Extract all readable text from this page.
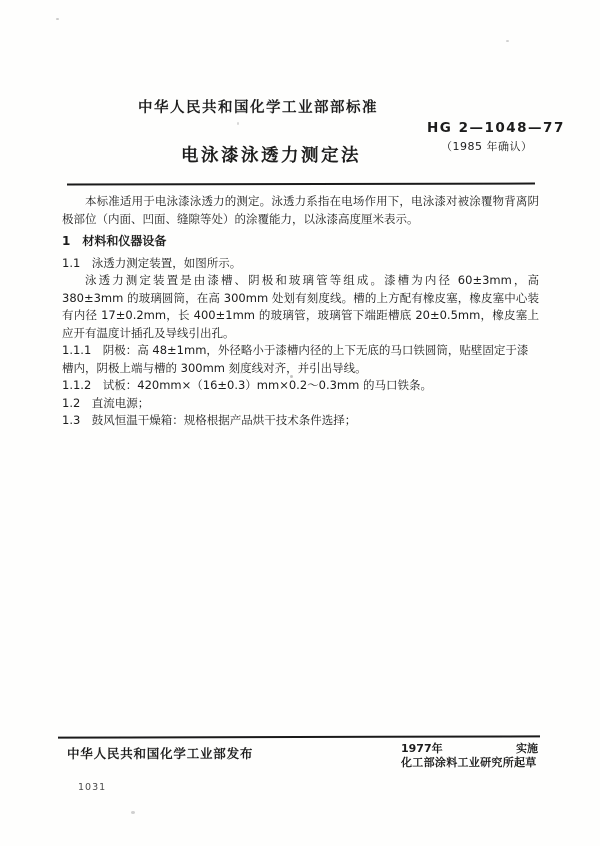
中华人民共和国化学工业部部标准
HG 2—1048—77
（1985 年确认）
电泳漆泳透力测定法

本标准适用于电泳漆泳透力的测定。泳透力系指在电场作用下，电泳漆对被涂覆物背离阴极部位（内面、凹面、缝隙等处）的涂覆能力，以泳漆高度厘米表示。

1　材料和仪器设备

1.1　泳透力测定装置，如图所示。

泳透力测定装置是由漆槽、阴极和玻璃管等组成。漆槽为内径 60±3mm，高 380±3mm 的玻璃圆筒，在高 300mm 处划有刻度线。槽的上方配有橡皮塞，橡皮塞中心装有内径 17±0.2mm，长 400±1mm 的玻璃管，玻璃管下端距槽底 20±0.5mm，橡皮塞上应开有温度计插孔及导线引出孔。

1.1.1　阴极：高 48±1mm，外径略小于漆槽内径的上下无底的马口铁圆筒，贴壁固定于漆槽内，阴极上端与槽的 300mm 刻度线对齐，并引出导线。

1.1.2　试板：420mm×（16±0.3）mm×0.2～0.3mm 的马口铁条。

1.2　直流电源；

1.3　鼓风恒温干燥箱：规格根据产品烘干技术条件选择；

中华人民共和国化学工业部发布	1977年	实施
化工部涂料工业研究所起草
1031
